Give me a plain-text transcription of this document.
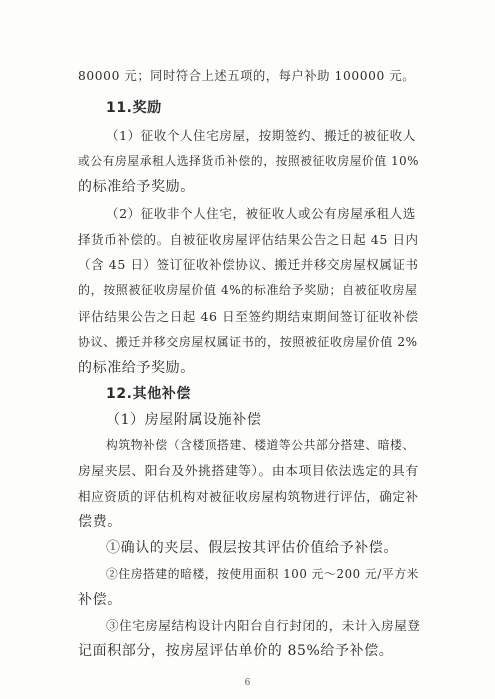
80000 元；同时符合上述五项的，每户补助 100000 元。
11.奖励
（1）征收个人住宅房屋，按期签约、搬迁的被征收人
或公有房屋承租人选择货币补偿的，按照被征收房屋价值 10%
的标准给予奖励。
（2）征收非个人住宅，被征收人或公有房屋承租人选
择货币补偿的。自被征收房屋评估结果公告之日起 45 日内
（含 45 日）签订征收补偿协议、搬迁并移交房屋权属证书
的，按照被征收房屋价值 4%的标准给予奖励；自被征收房屋
评估结果公告之日起 46 日至签约期结束期间签订征收补偿
协议、搬迁并移交房屋权属证书的，按照被征收房屋价值 2%
的标准给予奖励。
12.其他补偿
（1）房屋附属设施补偿
构筑物补偿（含楼顶搭建、楼道等公共部分搭建、暗楼、
房屋夹层、阳台及外挑搭建等）。由本项目依法选定的具有
相应资质的评估机构对被征收房屋构筑物进行评估，确定补
偿费。
①确认的夹层、假层按其评估价值给予补偿。
②住房搭建的暗楼，按使用面积 100 元～200 元/平方米
补偿。
③住宅房屋结构设计内阳台自行封闭的，未计入房屋登
记面积部分，按房屋评估单价的 85%给予补偿。
6
